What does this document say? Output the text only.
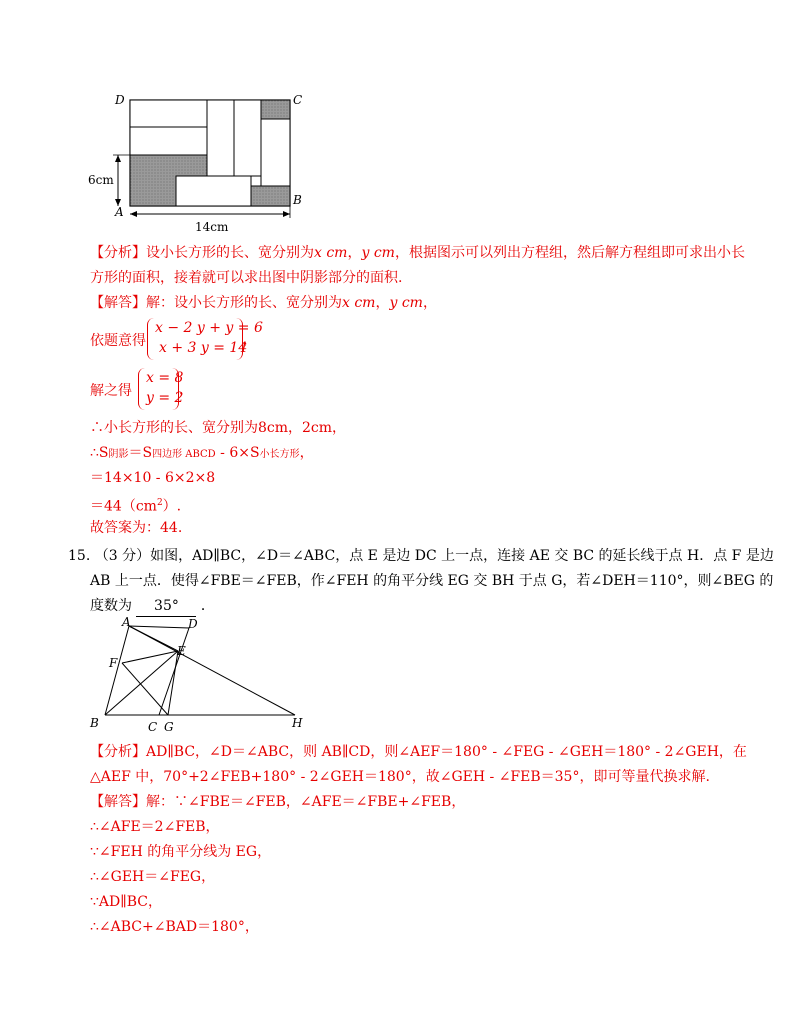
D	C
A
B
6cm
14cm
【分析】设小长方形的长、宽分别为x cm，y cm，根据图示可以列出方程组，然后解方程组即可求出小长
方形的面积，接着就可以求出图中阴影部分的面积.
【解答】解：设小长方形的长、宽分别为x cm，y cm，
依题意得
x − 2 y + y = 6
x + 3 y = 14
，
解之得
x = 8
y = 2
，
∴小长方形的长、宽分别为8cm，2cm，
∴S阴影＝S四边形 ABCD - 6×S小长方形，
＝14×10 - 6×2×8
$=44(cm^2)$.
故答案为：44.
15. （3 分）如图，AD∥BC，∠D＝∠ABC，点 E 是边 DC 上一点，连接 AE 交 BC 的延长线于点 H．点 F 是边
AB 上一点．使得∠FBE＝∠FEB，作∠FEH 的角平分线 EG 交 BH 于点 G，若∠DEH＝110°，则∠BEG 的
度数为 35° ．
A	D
F
E
B	C G	H
【分析】AD∥BC，∠D＝∠ABC，则 AB∥CD，则∠AEF＝180° - ∠FEG - ∠GEH＝180° - 2∠GEH，在
△AEF 中，70°+2∠FEB+180° - 2∠GEH＝180°，故∠GEH - ∠FEB＝35°，即可等量代换求解.
【解答】解：∵∠FBE＝∠FEB，∠AFE＝∠FBE+∠FEB，
∴∠AFE＝2∠FEB，
∵∠FEH 的角平分线为 EG，
∴∠GEH＝∠FEG，
∵AD∥BC，
∴∠ABC+∠BAD＝180°，
